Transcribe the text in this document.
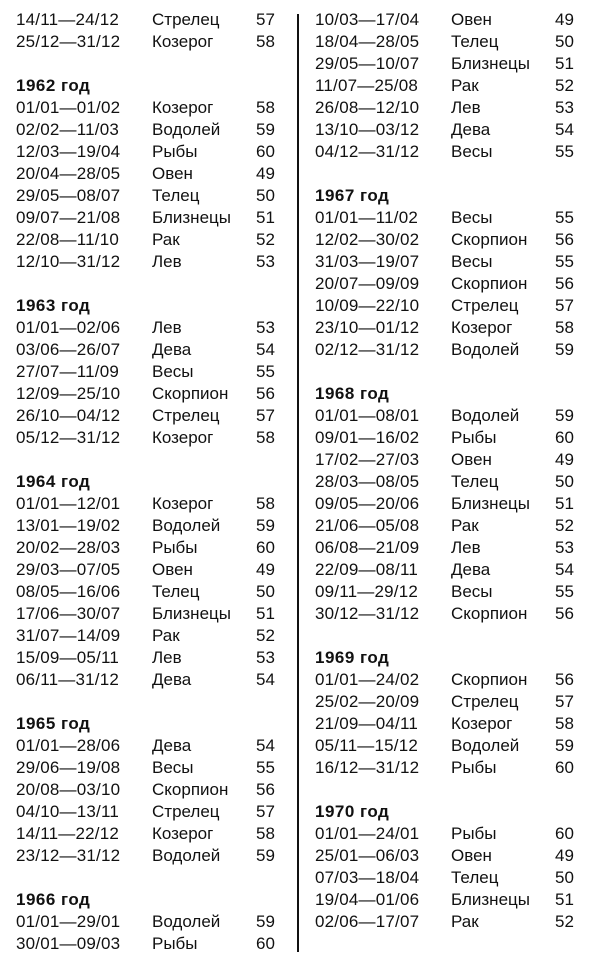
14/11—24/12	Стрелец	57
25/12—31/12	Козерог	58
1962 год
01/01—01/02	Козерог	58
02/02—11/03	Водолей	59
12/03—19/04	Рыбы	60
20/04—28/05	Овен	49
29/05—08/07	Телец	50
09/07—21/08	Близнецы	51
22/08—11/10	Рак	52
12/10—31/12	Лев	53
1963 год
01/01—02/06	Лев	53
03/06—26/07	Дева	54
27/07—11/09	Весы	55
12/09—25/10	Скорпион	56
26/10—04/12	Стрелец	57
05/12—31/12	Козерог	58
1964 год
01/01—12/01	Козерог	58
13/01—19/02	Водолей	59
20/02—28/03	Рыбы	60
29/03—07/05	Овен	49
08/05—16/06	Телец	50
17/06—30/07	Близнецы	51
31/07—14/09	Рак	52
15/09—05/11	Лев	53
06/11—31/12	Дева	54
1965 год
01/01—28/06	Дева	54
29/06—19/08	Весы	55
20/08—03/10	Скорпион	56
04/10—13/11	Стрелец	57
14/11—22/12	Козерог	58
23/12—31/12	Водолей	59
1966 год
01/01—29/01	Водолей	59
30/01—09/03	Рыбы	60
10/03—17/04	Овен	49
18/04—28/05	Телец	50
29/05—10/07	Близнецы	51
11/07—25/08	Рак	52
26/08—12/10	Лев	53
13/10—03/12	Дева	54
04/12—31/12	Весы	55
1967 год
01/01—11/02	Весы	55
12/02—30/02	Скорпион	56
31/03—19/07	Весы	55
20/07—09/09	Скорпион	56
10/09—22/10	Стрелец	57
23/10—01/12	Козерог	58
02/12—31/12	Водолей	59
1968 год
01/01—08/01	Водолей	59
09/01—16/02	Рыбы	60
17/02—27/03	Овен	49
28/03—08/05	Телец	50
09/05—20/06	Близнецы	51
21/06—05/08	Рак	52
06/08—21/09	Лев	53
22/09—08/11	Дева	54
09/11—29/12	Весы	55
30/12—31/12	Скорпион	56
1969 год
01/01—24/02	Скорпион	56
25/02—20/09	Стрелец	57
21/09—04/11	Козерог	58
05/11—15/12	Водолей	59
16/12—31/12	Рыбы	60
1970 год
01/01—24/01	Рыбы	60
25/01—06/03	Овен	49
07/03—18/04	Телец	50
19/04—01/06	Близнецы	51
02/06—17/07	Рак	52
